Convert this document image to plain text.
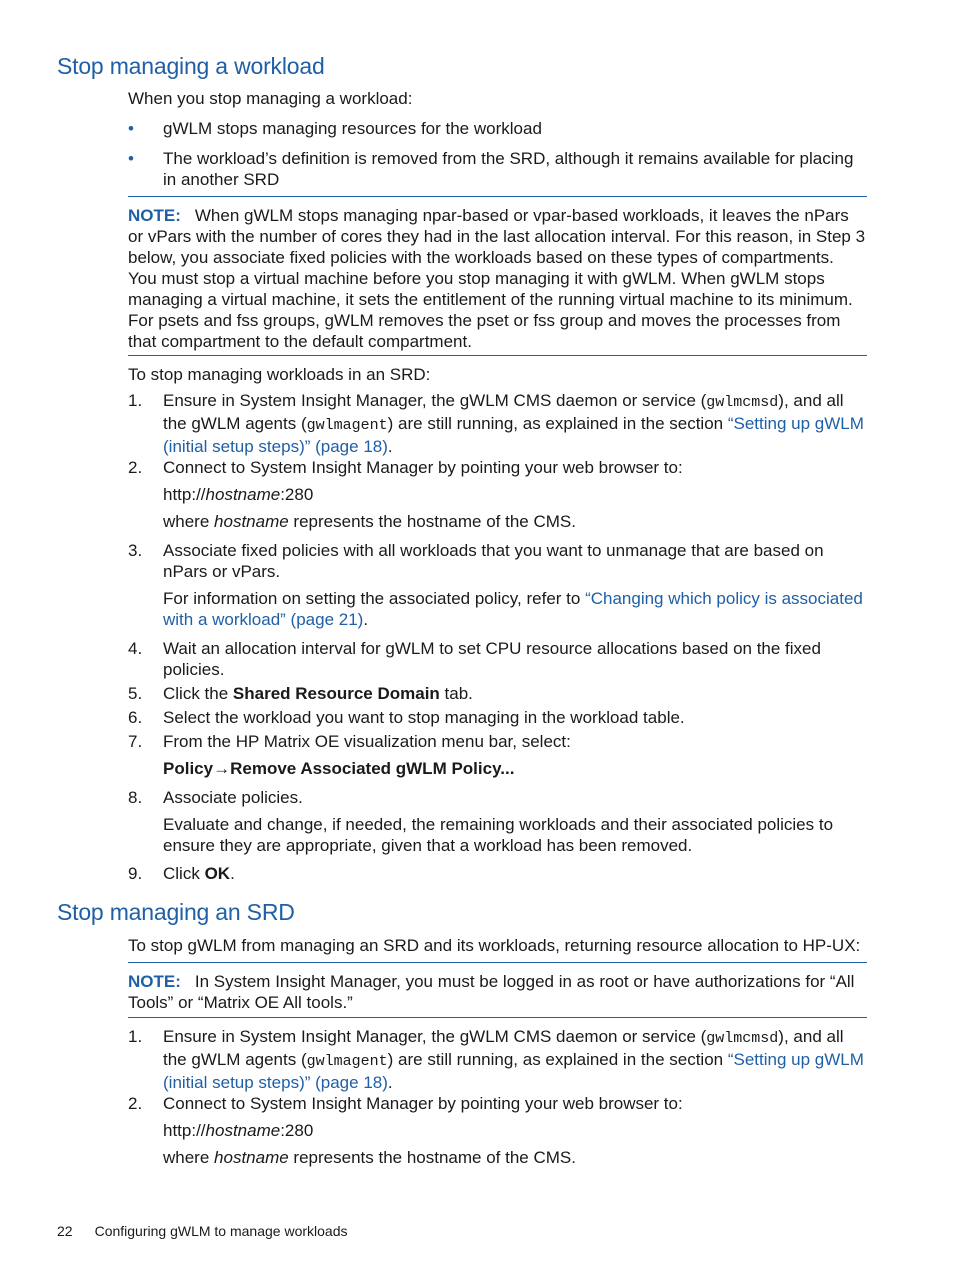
Stop managing a workload

When you stop managing a workload:

• gWLM stops managing resources for the workload

• The workload’s definition is removed from the SRD, although it remains available for placing in another SRD

NOTE: When gWLM stops managing npar-based or vpar-based workloads, it leaves the nPars or vPars with the number of cores they had in the last allocation interval. For this reason, in Step 3 below, you associate fixed policies with the workloads based on these types of compartments. You must stop a virtual machine before you stop managing it with gWLM. When gWLM stops managing a virtual machine, it sets the entitlement of the running virtual machine to its minimum. For psets and fss groups, gWLM removes the pset or fss group and moves the processes from that compartment to the default compartment.

To stop managing workloads in an SRD:

1. Ensure in System Insight Manager, the gWLM CMS daemon or service (gwlmcmsd), and all the gWLM agents (gwlmagent) are still running, as explained in the section “Setting up gWLM (initial setup steps)” (page 18).

2. Connect to System Insight Manager by pointing your web browser to:

http://hostname:280

where hostname represents the hostname of the CMS.

3. Associate fixed policies with all workloads that you want to unmanage that are based on nPars or vPars.

For information on setting the associated policy, refer to “Changing which policy is associated with a workload” (page 21).

4. Wait an allocation interval for gWLM to set CPU resource allocations based on the fixed policies.

5. Click the Shared Resource Domain tab.

6. Select the workload you want to stop managing in the workload table.

7. From the HP Matrix OE visualization menu bar, select:

Policy→Remove Associated gWLM Policy...

8. Associate policies.

Evaluate and change, if needed, the remaining workloads and their associated policies to ensure they are appropriate, given that a workload has been removed.

9. Click OK.

Stop managing an SRD

To stop gWLM from managing an SRD and its workloads, returning resource allocation to HP-UX:

NOTE: In System Insight Manager, you must be logged in as root or have authorizations for “All Tools” or “Matrix OE All tools.”

1. Ensure in System Insight Manager, the gWLM CMS daemon or service (gwlmcmsd), and all the gWLM agents (gwlmagent) are still running, as explained in the section “Setting up gWLM (initial setup steps)” (page 18).

2. Connect to System Insight Manager by pointing your web browser to:

http://hostname:280

where hostname represents the hostname of the CMS.

22 Configuring gWLM to manage workloads
